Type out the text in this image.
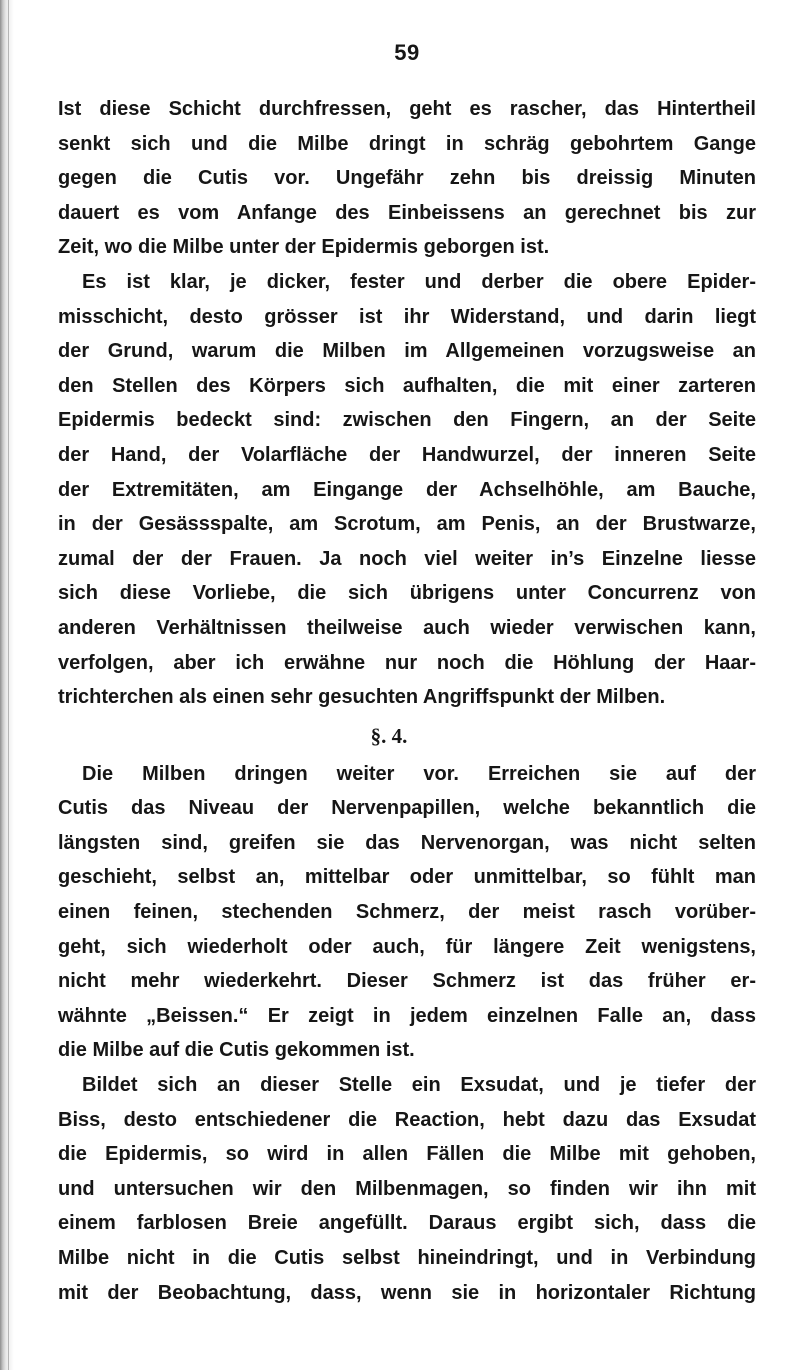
59
Ist diese Schicht durchfressen, geht es rascher, das Hintertheil
senkt sich und die Milbe dringt in schräg gebohrtem Gange
gegen die Cutis vor. Ungefähr zehn bis dreissig Minuten
dauert es vom Anfange des Einbeissens an gerechnet bis zur
Zeit, wo die Milbe unter der Epidermis geborgen ist.
Es ist klar, je dicker, fester und derber die obere Epider-
misschicht, desto grösser ist ihr Widerstand, und darin liegt
der Grund, warum die Milben im Allgemeinen vorzugsweise an
den Stellen des Körpers sich aufhalten, die mit einer zarteren
Epidermis bedeckt sind: zwischen den Fingern, an der Seite
der Hand, der Volarfläche der Handwurzel, der inneren Seite
der Extremitäten, am Eingange der Achselhöhle, am Bauche,
in der Gesässspalte, am Scrotum, am Penis, an der Brustwarze,
zumal der der Frauen. Ja noch viel weiter in’s Einzelne liesse
sich diese Vorliebe, die sich übrigens unter Concurrenz von
anderen Verhältnissen theilweise auch wieder verwischen kann,
verfolgen, aber ich erwähne nur noch die Höhlung der Haar-
trichterchen als einen sehr gesuchten Angriffspunkt der Milben.
§. 4.
Die Milben dringen weiter vor. Erreichen sie auf der
Cutis das Niveau der Nervenpapillen, welche bekanntlich die
längsten sind, greifen sie das Nervenorgan, was nicht selten
geschieht, selbst an, mittelbar oder unmittelbar, so fühlt man
einen feinen, stechenden Schmerz, der meist rasch vorüber-
geht, sich wiederholt oder auch, für längere Zeit wenigstens,
nicht mehr wiederkehrt. Dieser Schmerz ist das früher er-
wähnte „Beissen.“ Er zeigt in jedem einzelnen Falle an, dass
die Milbe auf die Cutis gekommen ist.
Bildet sich an dieser Stelle ein Exsudat, und je tiefer der
Biss, desto entschiedener die Reaction, hebt dazu das Exsudat
die Epidermis, so wird in allen Fällen die Milbe mit gehoben,
und untersuchen wir den Milbenmagen, so finden wir ihn mit
einem farblosen Breie angefüllt. Daraus ergibt sich, dass die
Milbe nicht in die Cutis selbst hineindringt, und in Verbindung
mit der Beobachtung, dass, wenn sie in horizontaler Richtung
